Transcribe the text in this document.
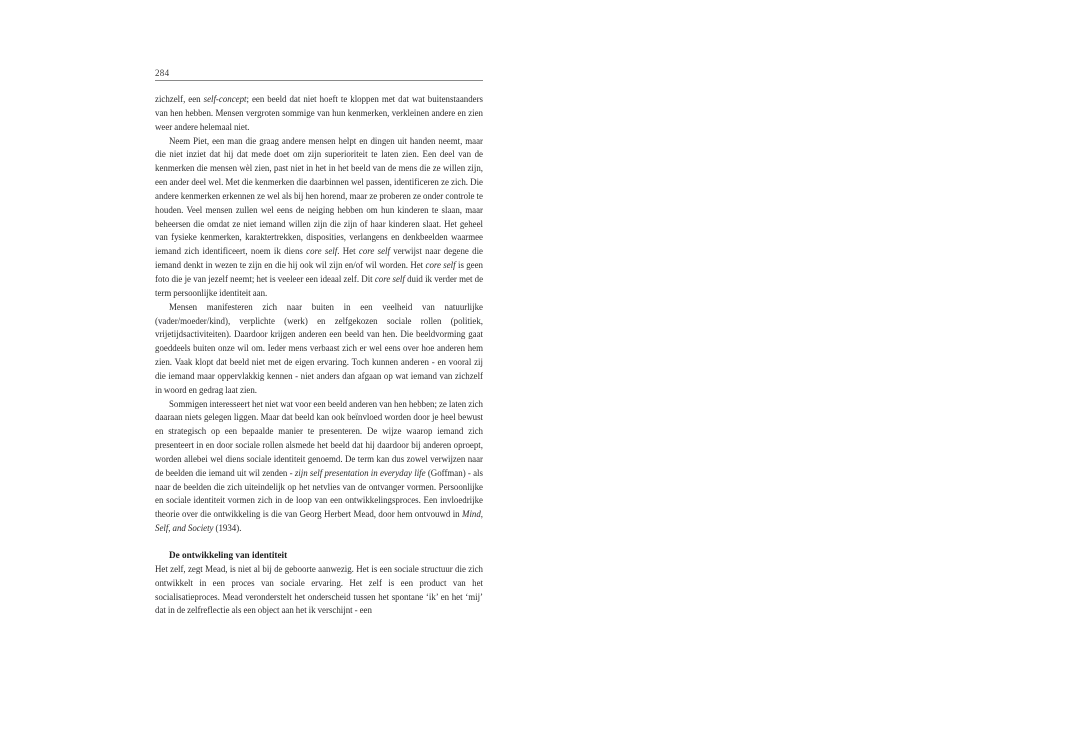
284

zichzelf, een self-concept; een beeld dat niet hoeft te kloppen met dat wat buitenstaanders van hen hebben. Mensen vergroten sommige van hun kenmerken, verkleinen andere en zien weer andere helemaal niet.

Neem Piet, een man die graag andere mensen helpt en dingen uit handen neemt, maar die niet inziet dat hij dat mede doet om zijn superioriteit te laten zien. Een deel van de kenmerken die mensen wèl zien, past niet in het in het beeld van de mens die ze willen zijn, een ander deel wel. Met die kenmerken die daarbinnen wel passen, identificeren ze zich. Die andere kenmerken erkennen ze wel als bij hen horend, maar ze proberen ze onder controle te houden. Veel mensen zullen wel eens de neiging hebben om hun kinderen te slaan, maar beheersen die omdat ze niet iemand willen zijn die zijn of haar kinderen slaat. Het geheel van fysieke kenmerken, karaktertrekken, disposities, verlangens en denkbeelden waarmee iemand zich identificeert, noem ik diens core self. Het core self verwijst naar degene die iemand denkt in wezen te zijn en die hij ook wil zijn en/of wil worden. Het core self is geen foto die je van jezelf neemt; het is veeleer een ideaal zelf. Dit core self duid ik verder met de term persoonlijke identiteit aan.

Mensen manifesteren zich naar buiten in een veelheid van natuurlijke (vader/moeder/kind), verplichte (werk) en zelfgekozen sociale rollen (politiek, vrijetijdsactiviteiten). Daardoor krijgen anderen een beeld van hen. Die beeldvorming gaat goeddeels buiten onze wil om. Ieder mens verbaast zich er wel eens over hoe anderen hem zien. Vaak klopt dat beeld niet met de eigen ervaring. Toch kunnen anderen - en vooral zij die iemand maar oppervlakkig kennen - niet anders dan afgaan op wat iemand van zichzelf in woord en gedrag laat zien.

Sommigen interesseert het niet wat voor een beeld anderen van hen hebben; ze laten zich daaraan niets gelegen liggen. Maar dat beeld kan ook beïnvloed worden door je heel bewust en strategisch op een bepaalde manier te presenteren. De wijze waarop iemand zich presenteert in en door sociale rollen alsmede het beeld dat hij daardoor bij anderen oproept, worden allebei wel diens sociale identiteit genoemd. De term kan dus zowel verwijzen naar de beelden die iemand uit wil zenden - zijn self presentation in everyday life (Goffman) - als naar de beelden die zich uiteindelijk op het netvlies van de ontvanger vormen. Persoonlijke en sociale identiteit vormen zich in de loop van een ontwikkelingsproces. Een invloedrijke theorie over die ontwikkeling is die van Georg Herbert Mead, door hem ontvouwd in Mind, Self, and Society (1934).

De ontwikkeling van identiteit

Het zelf, zegt Mead, is niet al bij de geboorte aanwezig. Het is een sociale structuur die zich ontwikkelt in een proces van sociale ervaring. Het zelf is een product van het socialisatieproces. Mead veronderstelt het onderscheid tussen het spontane ‘ik’ en het ‘mij’ dat in de zelfreflectie als een object aan het ik verschijnt - een
